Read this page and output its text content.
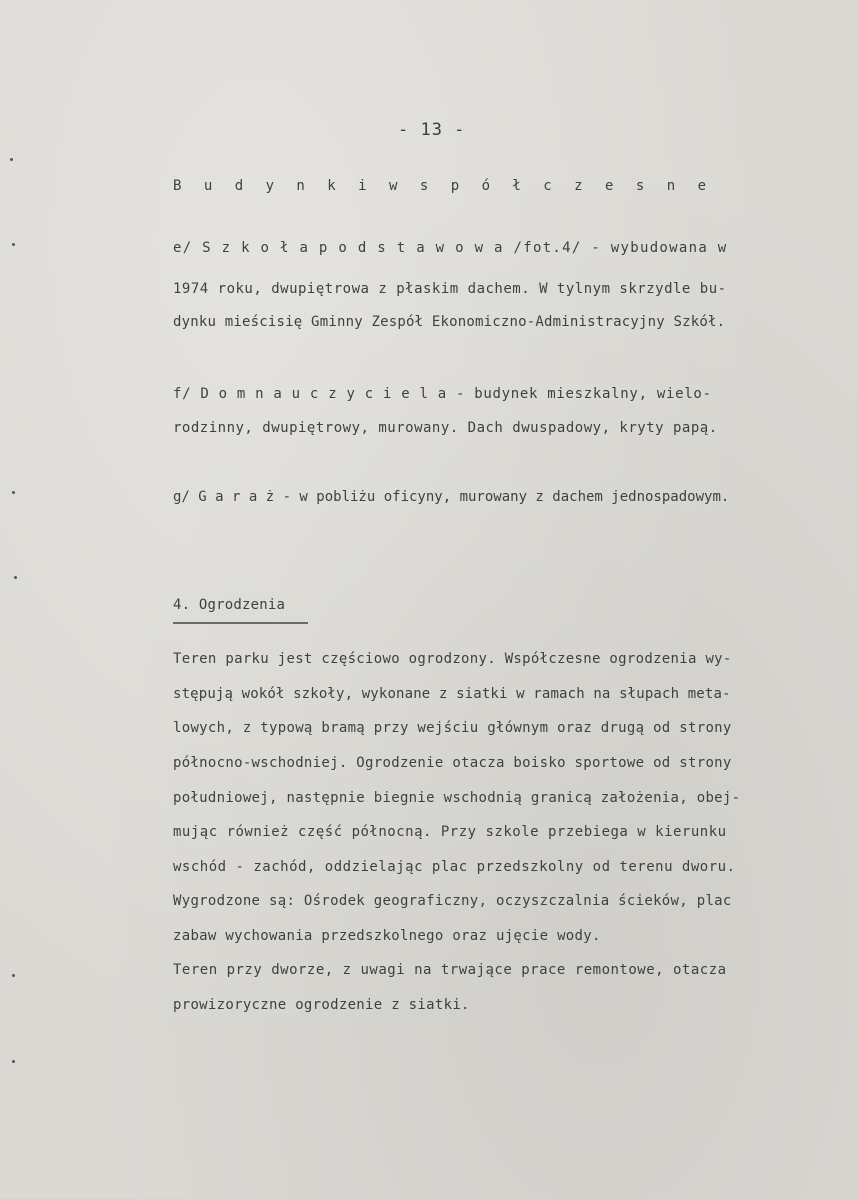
- 13 -
B u d y n k i w s p ó ł c z e s n e
e/ S z k o ł a p o d s t a w o w a /fot.4/ - wybudowana w
1974 roku, dwupiętrowa z płaskim dachem. W tylnym skrzydle bu-
dynku mieścisię Gminny Zespół Ekonomiczno-Administracyjny Szkół.
f/ D o m n a u c z y c i e l a - budynek mieszkalny, wielo-
rodzinny, dwupiętrowy, murowany. Dach dwuspadowy, kryty papą.
g/ G a r a ż - w pobliżu oficyny, murowany z dachem jednospadowym.
4. Ogrodzenia
Teren parku jest częściowo ogrodzony. Współczesne ogrodzenia wy-
stępują wokół szkoły, wykonane z siatki w ramach na słupach meta-
lowych, z typową bramą przy wejściu głównym oraz drugą od strony
północno-wschodniej. Ogrodzenie otacza boisko sportowe od strony
południowej, następnie biegnie wschodnią granicą założenia, obej-
mując również część północną. Przy szkole przebiega w kierunku
wschód - zachód, oddzielając plac przedszkolny od terenu dworu.
Wygrodzone są: Ośrodek geograficzny, oczyszczalnia ścieków, plac
zabaw wychowania przedszkolnego oraz ujęcie wody.
Teren przy dworze, z uwagi na trwające prace remontowe, otacza
prowizoryczne ogrodzenie z siatki.
